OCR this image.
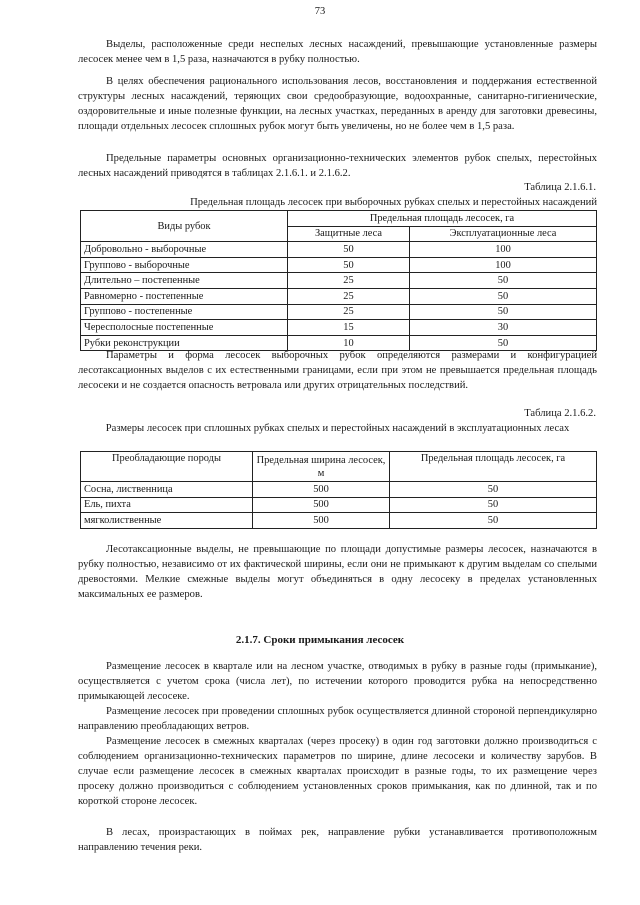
73

Выделы, расположенные среди неспелых лесных насаждений, превышающие установленные размеры лесосек менее чем в 1,5 раза, назначаются в рубку полностью.

В целях обеспечения рационального использования лесов, восстановления и поддержания естественной структуры лесных насаждений, теряющих свои средообразующие, водоохранные, санитарно-гигиенические, оздоровительные и иные полезные функции, на лесных участках, переданных в аренду для заготовки древесины, площади отдельных лесосек сплошных рубок могут быть увеличены, но не более чем в 1,5 раза.

Предельные параметры основных организационно-технических элементов рубок спелых, перестойных лесных насаждений приводятся в таблицах 2.1.6.1. и 2.1.6.2.

Таблица 2.1.6.1.
Предельная площадь лесосек при выборочных рубках спелых и перестойных насаждений
Виды рубок	Предельная площадь лесосек, га	
	Защитные леса	Эксплуатационные леса
Добровольно - выборочные	50	100
Группово - выборочные	50	100
Длительно – постепенные	25	50
Равномерно - постепенные	25	50
Группово - постепенные	25	50
Чересполосные постепенные	15	30
Рубки реконструкции	10	50

Параметры и форма лесосек выборочных рубок определяются размерами и конфигурацией лесотаксационных выделов с их естественными границами, если при этом не превышается предельная площадь лесосеки и не создается опасность ветровала или других отрицательных последствий.

Таблица 2.1.6.2.
Размеры лесосек при сплошных рубках спелых и перестойных насаждений в эксплуатационных лесах
Преобладающие породы	Предельная ширина лесосек, м	Предельная площадь лесосек, га
Сосна, лиственница	500	50
Ель, пихта	500	50
мягколиственные	500	50

Лесотаксационные выделы, не превышающие по площади допустимые размеры лесосек, назначаются в рубку полностью, независимо от их фактической ширины, если они не примыкают к другим выделам со спелыми древостоями. Мелкие смежные выделы могут объединяться в одну лесосеку в пределах установленных максимальных ее размеров.

2.1.7. Сроки примыкания лесосек

Размещение лесосек в квартале или на лесном участке, отводимых в рубку в разные годы (примыкание), осуществляется с учетом срока (числа лет), по истечении которого проводится рубка на непосредственно примыкающей лесосеке.

Размещение лесосек при проведении сплошных рубок осуществляется длинной стороной перпендикулярно направлению преобладающих ветров.

Размещение лесосек в смежных кварталах (через просеку) в один год заготовки должно производиться с соблюдением организационно-технических параметров по ширине, длине лесосеки и количеству зарубов. В случае если размещение лесосек в смежных кварталах происходит в разные годы, то их размещение через просеку должно производиться с соблюдением установленных сроков примыкания, как по длинной, так и по короткой стороне лесосек.

В лесах, произрастающих в поймах рек, направление рубки устанавливается противоположным направлению течения реки.
